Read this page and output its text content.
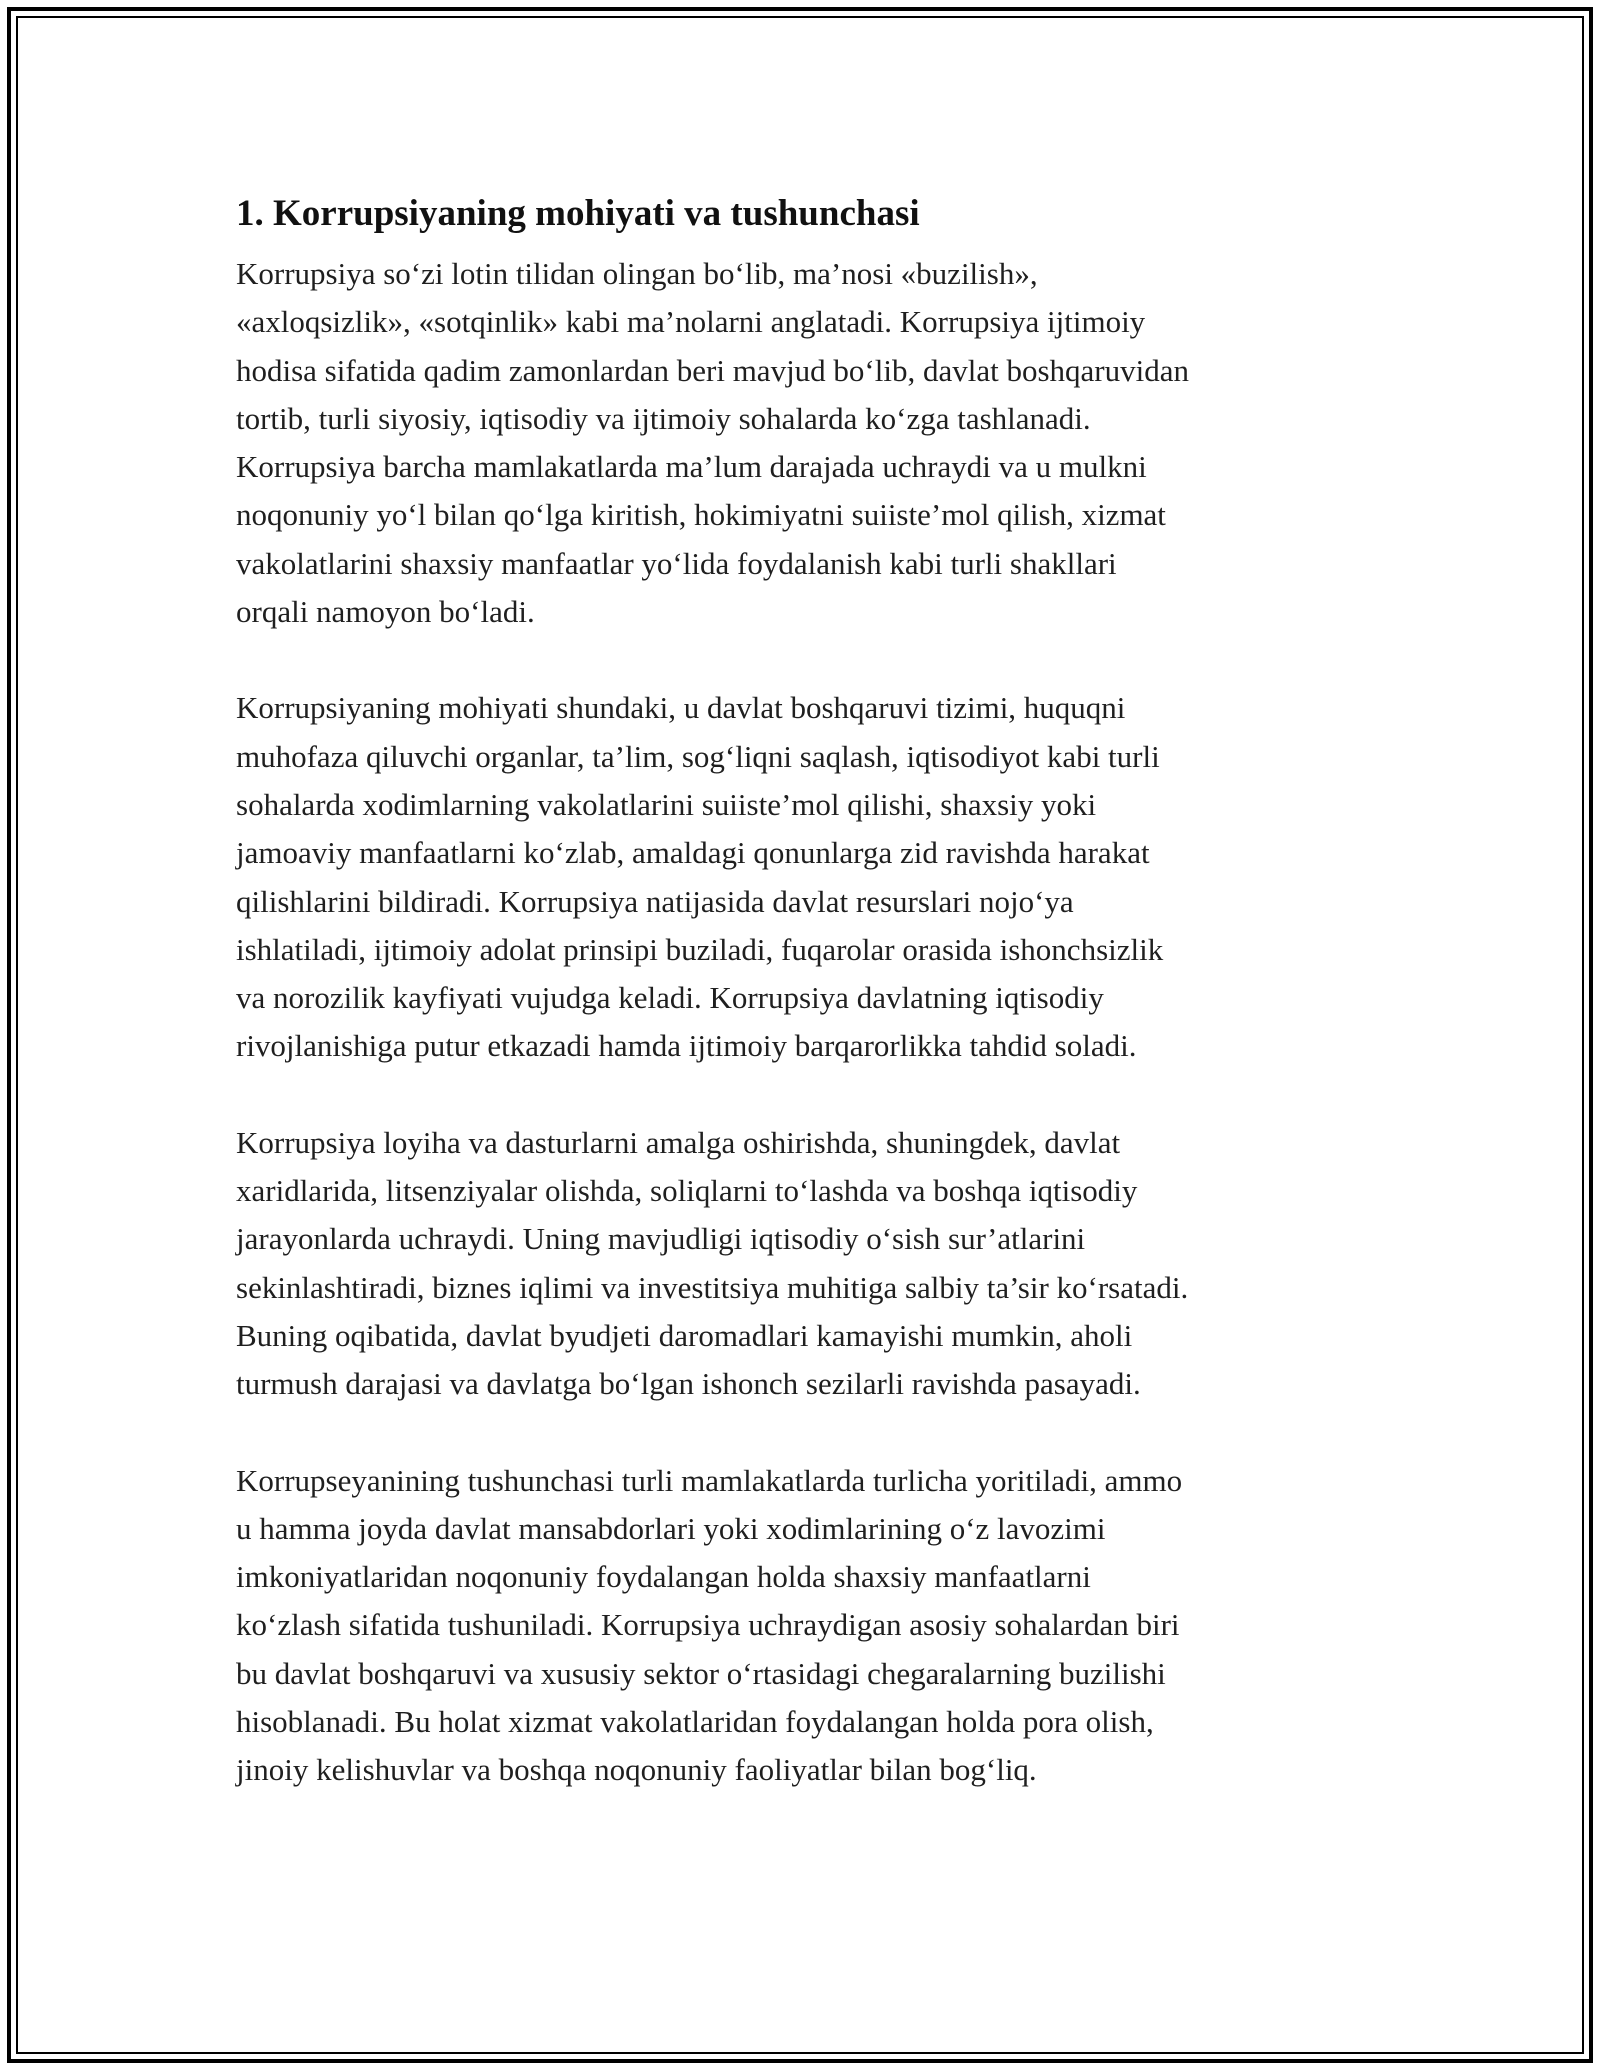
1. Korrupsiyaning mohiyati va tushunchasi

Korrupsiya so‘zi lotin tilidan olingan bo‘lib, ma’nosi «buzilish»,
«axloqsizlik», «sotqinlik» kabi ma’nolarni anglatadi. Korrupsiya ijtimoiy
hodisa sifatida qadim zamonlardan beri mavjud bo‘lib, davlat boshqaruvidan
tortib, turli siyosiy, iqtisodiy va ijtimoiy sohalarda ko‘zga tashlanadi.
Korrupsiya barcha mamlakatlarda ma’lum darajada uchraydi va u mulkni
noqonuniy yo‘l bilan qo‘lga kiritish, hokimiyatni suiiste’mol qilish, xizmat
vakolatlarini shaxsiy manfaatlar yo‘lida foydalanish kabi turli shakllari
orqali namoyon bo‘ladi.

Korrupsiyaning mohiyati shundaki, u davlat boshqaruvi tizimi, huquqni
muhofaza qiluvchi organlar, ta’lim, sog‘liqni saqlash, iqtisodiyot kabi turli
sohalarda xodimlarning vakolatlarini suiiste’mol qilishi, shaxsiy yoki
jamoaviy manfaatlarni ko‘zlab, amaldagi qonunlarga zid ravishda harakat
qilishlarini bildiradi. Korrupsiya natijasida davlat resurslari nojo‘ya
ishlatiladi, ijtimoiy adolat prinsipi buziladi, fuqarolar orasida ishonchsizlik
va norozilik kayfiyati vujudga keladi. Korrupsiya davlatning iqtisodiy
rivojlanishiga putur etkazadi hamda ijtimoiy barqarorlikka tahdid soladi.

Korrupsiya loyiha va dasturlarni amalga oshirishda, shuningdek, davlat
xaridlarida, litsenziyalar olishda, soliqlarni to‘lashda va boshqa iqtisodiy
jarayonlarda uchraydi. Uning mavjudligi iqtisodiy o‘sish sur’atlarini
sekinlashtiradi, biznes iqlimi va investitsiya muhitiga salbiy ta’sir ko‘rsatadi.
Buning oqibatida, davlat byudjeti daromadlari kamayishi mumkin, aholi
turmush darajasi va davlatga bo‘lgan ishonch sezilarli ravishda pasayadi.

Korrupseyanining tushunchasi turli mamlakatlarda turlicha yoritiladi, ammo
u hamma joyda davlat mansabdorlari yoki xodimlarining o‘z lavozimi
imkoniyatlaridan noqonuniy foydalangan holda shaxsiy manfaatlarni
ko‘zlash sifatida tushuniladi. Korrupsiya uchraydigan asosiy sohalardan biri
bu davlat boshqaruvi va xususiy sektor o‘rtasidagi chegaralarning buzilishi
hisoblanadi. Bu holat xizmat vakolatlaridan foydalangan holda pora olish,
jinoiy kelishuvlar va boshqa noqonuniy faoliyatlar bilan bog‘liq.
